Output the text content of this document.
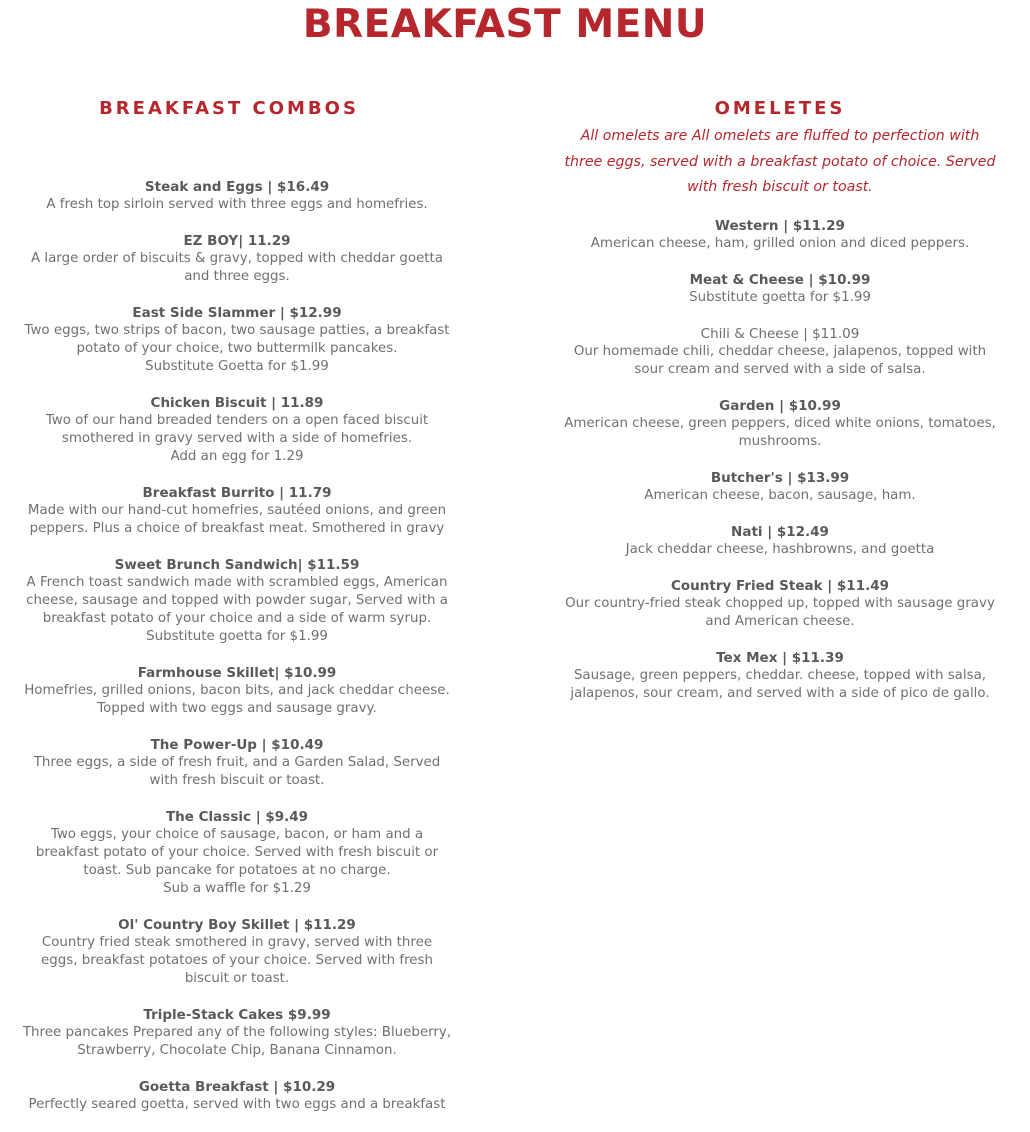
BREAKFAST MENU
BREAKFAST COMBOS
Steak and Eggs | $16.49
A fresh top sirloin served with three eggs and homefries.
EZ BOY| 11.29
A large order of biscuits & gravy, topped with cheddar goetta and three eggs.
East Side Slammer | $12.99
Two eggs, two strips of bacon, two sausage patties, a breakfast potato of your choice, two buttermilk pancakes.
Substitute Goetta for $1.99
Chicken Biscuit | 11.89
Two of our hand breaded tenders on a open faced biscuit smothered in gravy served with a side of homefries.
Add an egg for 1.29
Breakfast Burrito | 11.79
Made with our hand-cut homefries, sautéed onions, and green peppers. Plus a choice of breakfast meat. Smothered in gravy
Sweet Brunch Sandwich| $11.59
A French toast sandwich made with scrambled eggs, American cheese, sausage and topped with powder sugar, Served with a breakfast potato of your choice and a side of warm syrup.
Substitute goetta for $1.99
Farmhouse Skillet| $10.99
Homefries, grilled onions, bacon bits, and jack cheddar cheese. Topped with two eggs and sausage gravy.
The Power-Up | $10.49
Three eggs, a side of fresh fruit, and a Garden Salad, Served with fresh biscuit or toast.
The Classic | $9.49
Two eggs, your choice of sausage, bacon, or ham and a breakfast potato of your choice. Served with fresh biscuit or toast. Sub pancake for potatoes at no charge.
Sub a waffle for $1.29
Ol' Country Boy Skillet | $11.29
Country fried steak smothered in gravy, served with three eggs, breakfast potatoes of your choice. Served with fresh biscuit or toast.
Triple-Stack Cakes $9.99
Three pancakes Prepared any of the following styles: Blueberry, Strawberry, Chocolate Chip, Banana Cinnamon.
Goetta Breakfast | $10.29
Perfectly seared goetta, served with two eggs and a breakfast
OMELETES

All omelets are All omelets are fluffed to perfection with three eggs, served with a breakfast potato of choice. Served with fresh biscuit or toast.

Western | $11.29
American cheese, ham, grilled onion and diced peppers.
Meat & Cheese | $10.99
Substitute goetta for $1.99
Chili & Cheese | $11.09
Our homemade chili, cheddar cheese, jalapenos, topped with sour cream and served with a side of salsa.
Garden | $10.99
American cheese, green peppers, diced white onions, tomatoes, mushrooms.
Butcher's | $13.99
American cheese, bacon, sausage, ham.
Nati | $12.49
Jack cheddar cheese, hashbrowns, and goetta
Country Fried Steak | $11.49
Our country-fried steak chopped up, topped with sausage gravy and American cheese.
Tex Mex | $11.39
Sausage, green peppers, cheddar. cheese, topped with salsa, jalapenos, sour cream, and served with a side of pico de gallo.
